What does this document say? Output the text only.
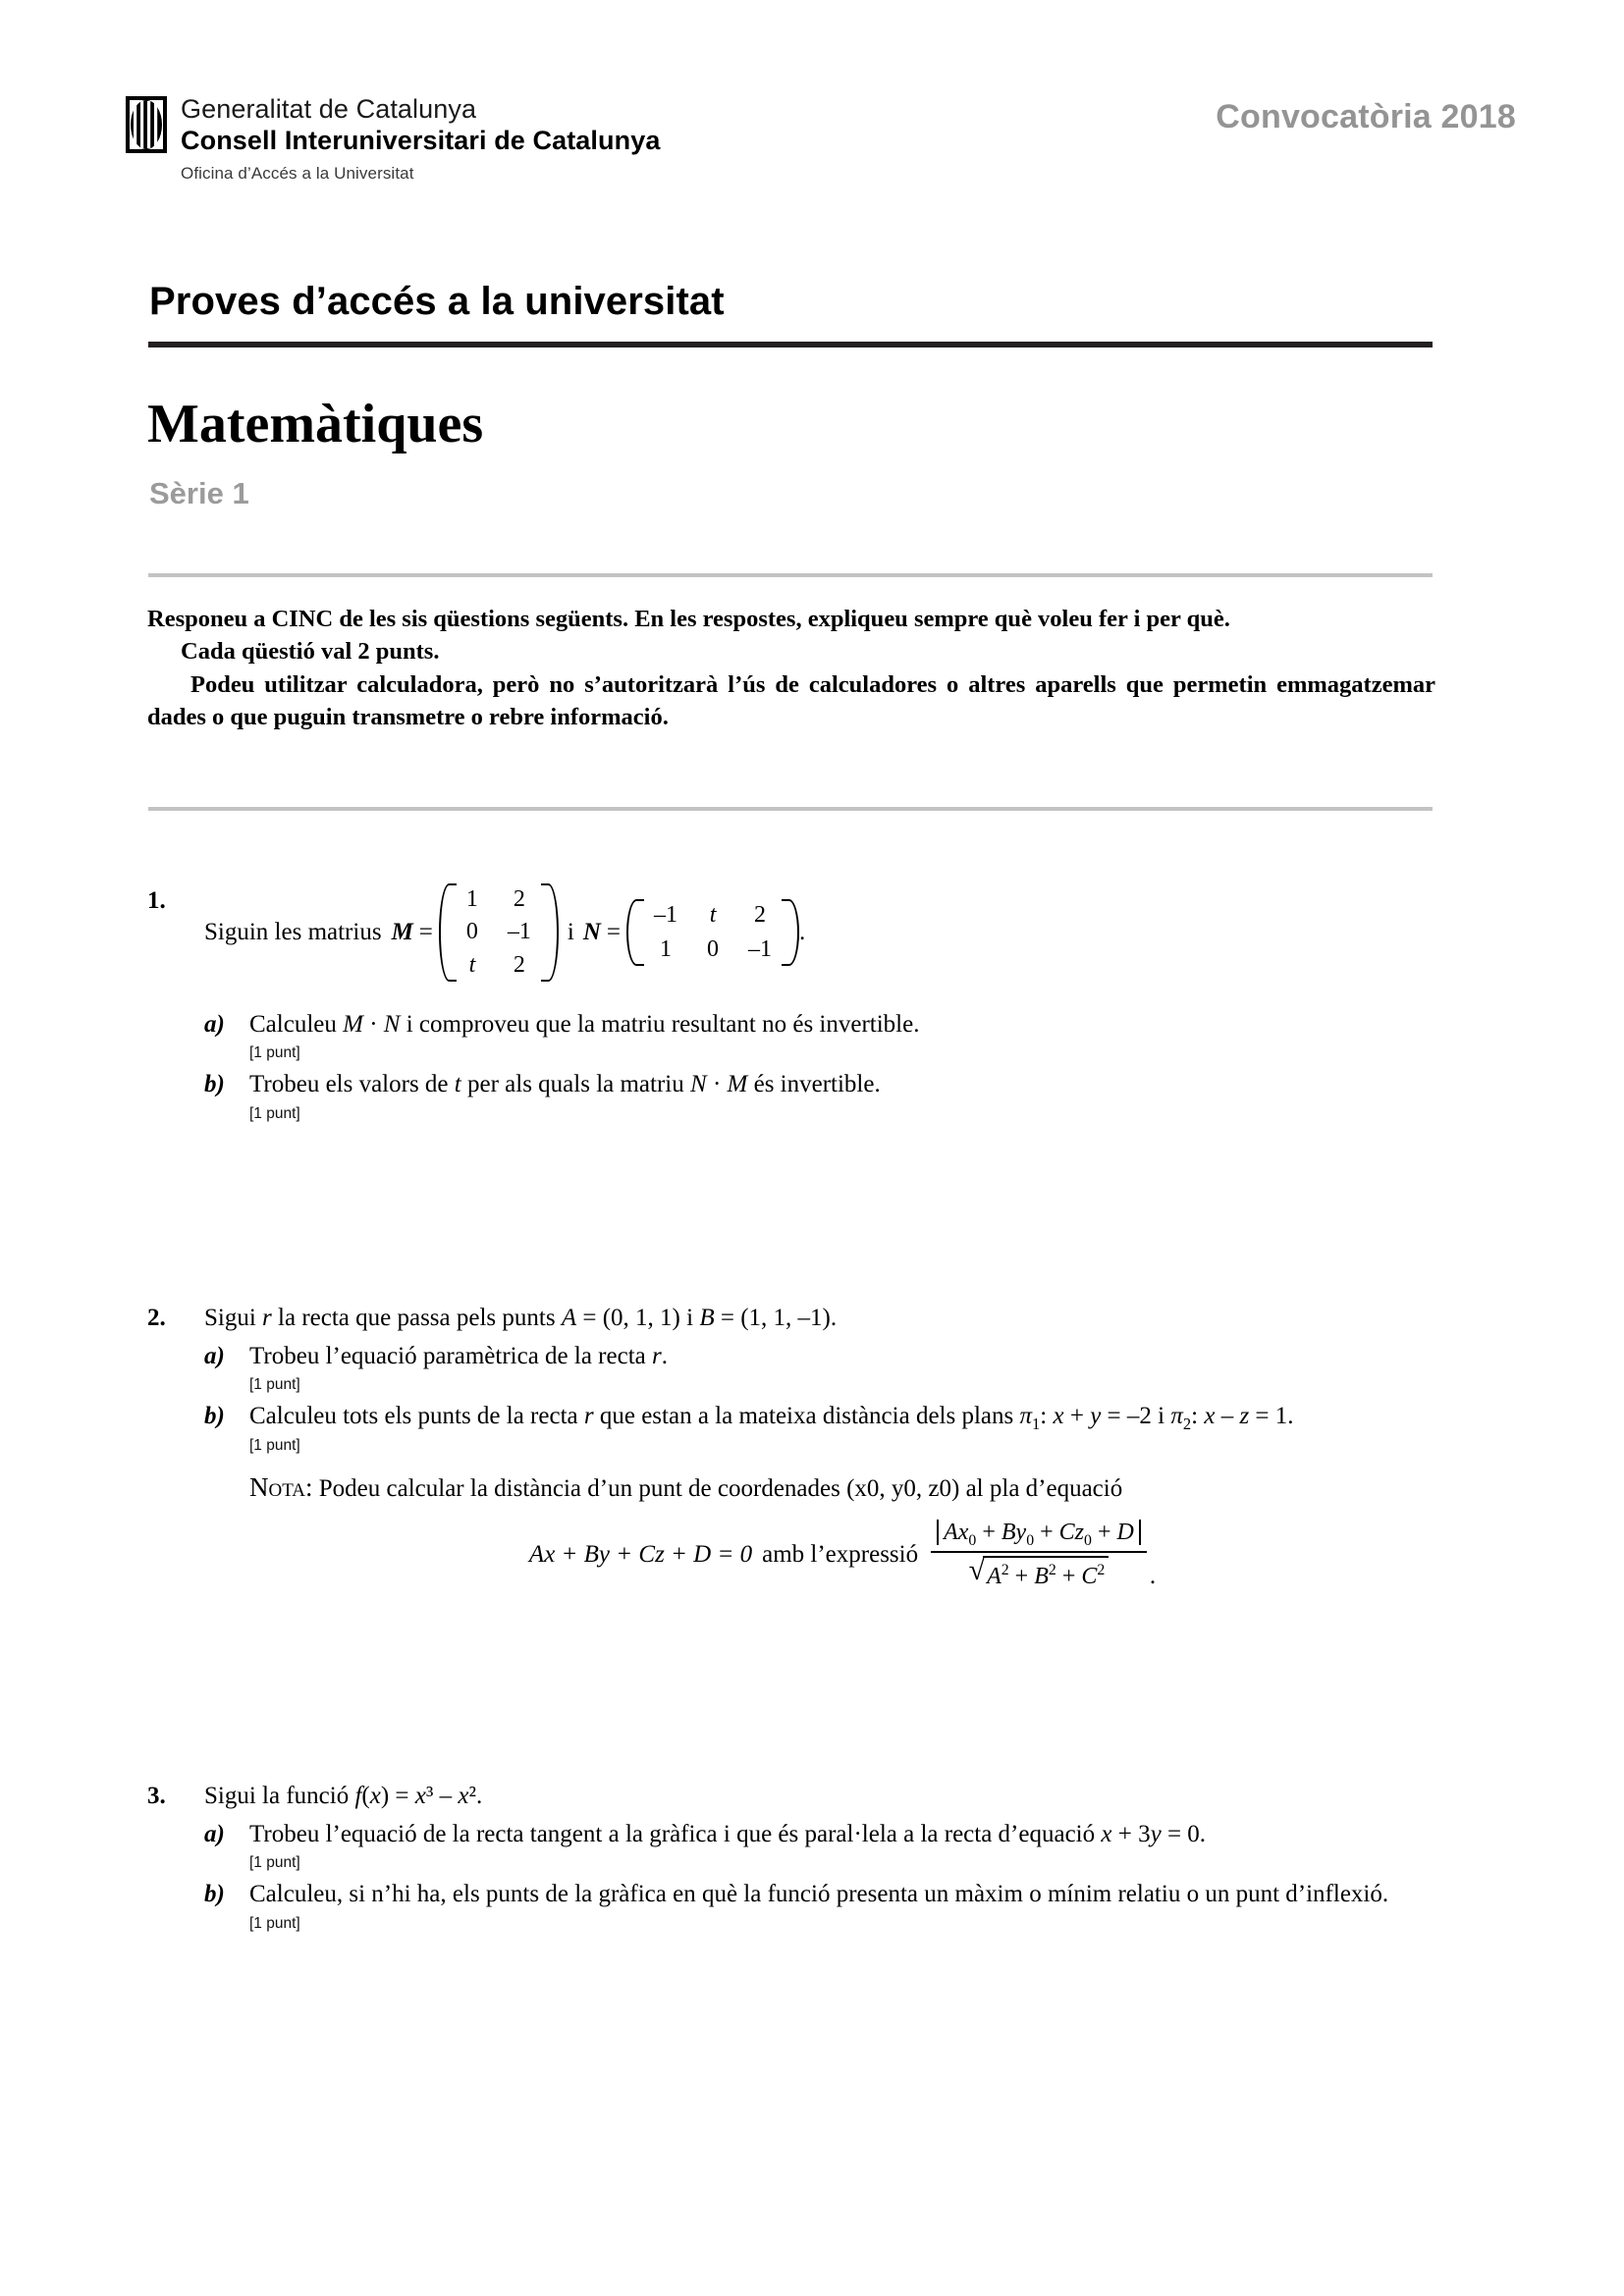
Generalitat de Catalunya
Consell Interuniversitari de Catalunya
Oficina d’Accés a la Universitat
Convocatòria 2018
Proves d’accés a la universitat
Matemàtiques
Sèrie 1

Responeu a CINC de les sis qüestions següents. En les respostes, expliqueu sempre què voleu fer i per què.

Cada qüestió val 2 punts.

Podeu utilitzar calculadora, però no s’autoritzarà l’ús de calculadores o altres aparells que permetin emmagatzemar dades o que puguin transmetre o rebre informació.

1.
Siguin les matrius M =
1 2
0 –1
t 2
i N =
–1 t 2
1 0 –1
.
a) Calculeu M · N i comproveu que la matriu resultant no és invertible.
[1 punt]
b) Trobeu els valors de t per als quals la matriu N · M és invertible.
[1 punt]
2.	Sigui r la recta que passa pels punts A = (0, 1, 1) i B = (1, 1, –1).
a) Trobeu l’equació paramètrica de la recta r.
[1 punt]
b) Calculeu tots els punts de la recta r que estan a la mateixa distància dels plans $\pi_1$: x + y = –2 i $\pi_2$: x – z = 1.
[1 punt]
Nota: Podeu calcular la distància d’un punt de coordenades (x0, y0, z0) al pla d’equació
Ax + By + Cz + D = 0 amb l’expressió $\frac{Ax_0 + By_0 + Cz_0 + D}{√ A^2 + B^2 + C^2}$ .
3.	Sigui la funció f(x) = x³ – x².
a) Trobeu l’equació de la recta tangent a la gràfica i que és paral·lela a la recta d’equació x + 3y = 0.
[1 punt]
b) Calculeu, si n’hi ha, els punts de la gràfica en què la funció presenta un màxim o mínim relatiu o un punt d’inflexió.
[1 punt]
